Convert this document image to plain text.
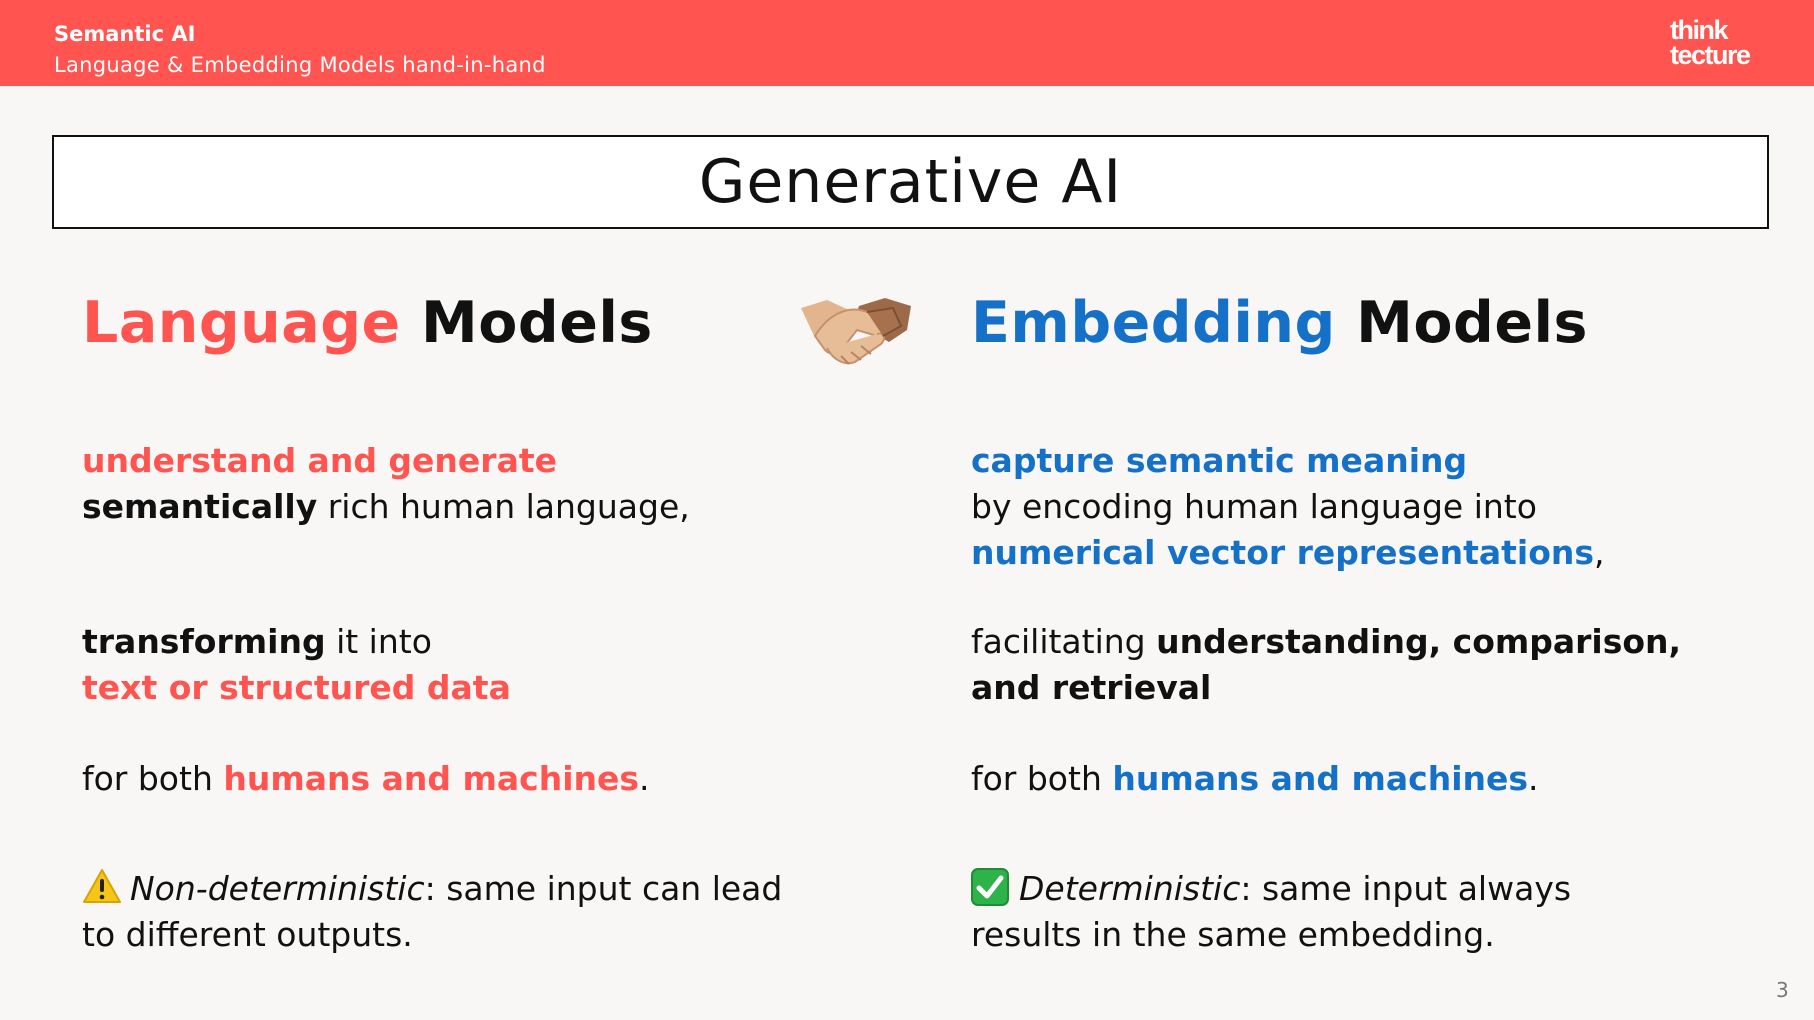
Semantic AI
Language & Embedding Models hand-in-hand
think
tecture
Generative AI
Language Models
understand and generate
semantically rich human language,
transforming it into
text or structured data
for both humans and machines.
Non-deterministic: same input can lead
to different outputs.
Embedding Models
capture semantic meaning
by encoding human language into
numerical vector representations,
facilitating understanding, comparison,
and retrieval
for both humans and machines.
Deterministic: same input always
results in the same embedding.
3
